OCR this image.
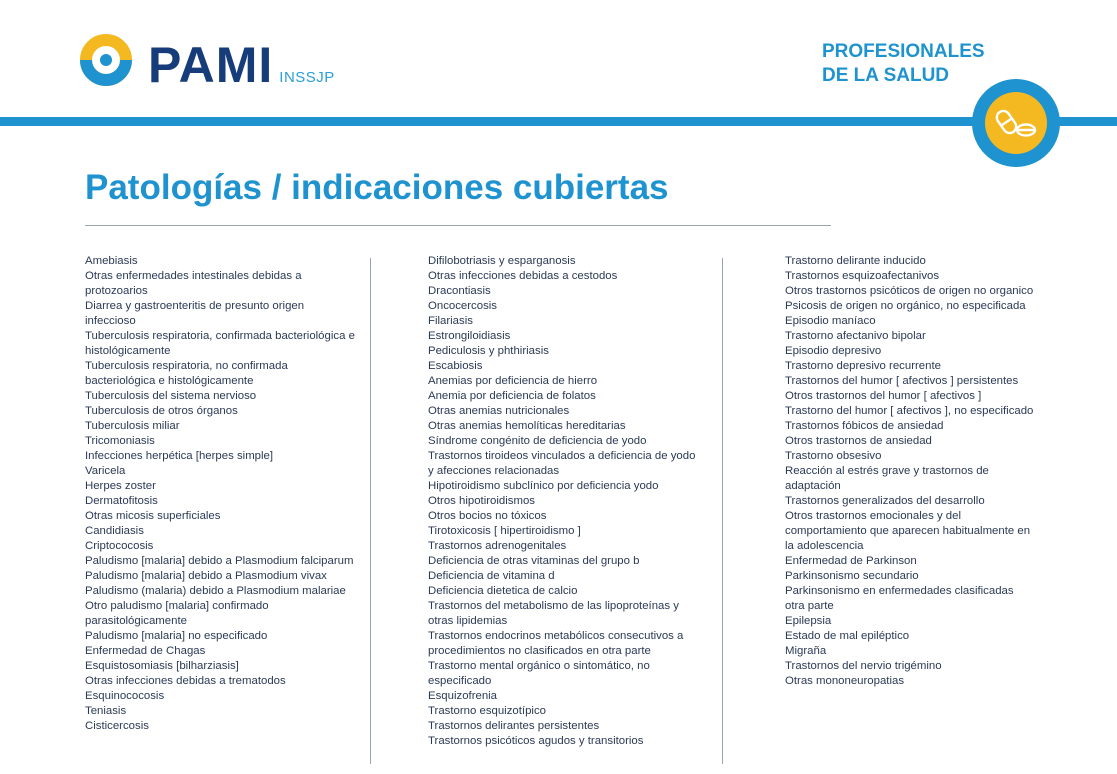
PAMI INSSJP
PROFESIONALES
DE LA SALUD
Patologías / indicaciones cubiertas
Amebiasis
Otras enfermedades intestinales debidas a protozoarios
Diarrea y gastroenteritis de presunto origen infeccioso
Tuberculosis respiratoria, confirmada bacteriológica e histológicamente
Tuberculosis respiratoria, no confirmada bacteriológica e histológicamente
Tuberculosis del sistema nervioso
Tuberculosis de otros órganos
Tuberculosis miliar
Tricomoniasis
Infecciones herpética [herpes simple]
Varicela
Herpes zoster
Dermatofitosis
Otras micosis superficiales
Candidiasis
Criptococosis
Paludismo [malaria] debido a Plasmodium falciparum
Paludismo [malaria] debido a Plasmodium vivax
Paludismo (malaria) debido a Plasmodium malariae
Otro paludismo [malaria] confirmado parasitológicamente
Paludismo [malaria] no especificado
Enfermedad de Chagas
Esquistosomiasis [bilharziasis]
Otras infecciones debidas a trematodos
Esquinococosis
Teniasis
Cisticercosis
Difilobotriasis y esparganosis
Otras infecciones debidas a cestodos
Dracontiasis
Oncocercosis
Filariasis
Estrongiloidiasis
Pediculosis y phthiriasis
Escabiosis
Anemias por deficiencia de hierro
Anemia por deficiencia de folatos
Otras anemias nutricionales
Otras anemias hemolíticas hereditarias
Síndrome congénito de deficiencia de yodo
Trastornos tiroideos vinculados a deficiencia de yodo y afecciones relacionadas
Hipotiroidismo subclínico por deficiencia yodo
Otros hipotiroidismos
Otros bocios no tóxicos
Tirotoxicosis [ hipertiroidismo ]
Trastornos adrenogenitales
Deficiencia de otras vitaminas del grupo b
Deficiencia de vitamina d
Deficiencia dietetica de calcio
Trastornos del metabolismo de las lipoproteínas y otras lipidemias
Trastornos endocrinos metabólicos consecutivos a procedimientos no clasificados en otra parte
Trastorno mental orgánico o sintomático, no especificado
Esquizofrenia
Trastorno esquizotípico
Trastornos delirantes persistentes
Trastornos psicóticos agudos y transitorios
Trastorno delirante inducido
Trastornos esquizoafectanivos
Otros trastornos psicóticos de origen no organico
Psicosis de origen no orgánico, no especificada
Episodio maníaco
Trastorno afectanivo bipolar
Episodio depresivo
Trastorno depresivo recurrente
Trastornos del humor [ afectivos ] persistentes
Otros trastornos del humor [ afectivos ]
Trastorno del humor [ afectivos ], no especificado
Trastornos fóbicos de ansiedad
Otros trastornos de ansiedad
Trastorno obsesivo
Reacción al estrés grave y trastornos de adaptación
Trastornos generalizados del desarrollo
Otros trastornos emocionales y del comportamiento que aparecen habitualmente en la adolescencia
Enfermedad de Parkinson
Parkinsonismo secundario
Parkinsonismo en enfermedades clasificadas otra parte
Epilepsia
Estado de mal epiléptico
Migraña
Trastornos del nervio trigémino
Otras mononeuropatias
